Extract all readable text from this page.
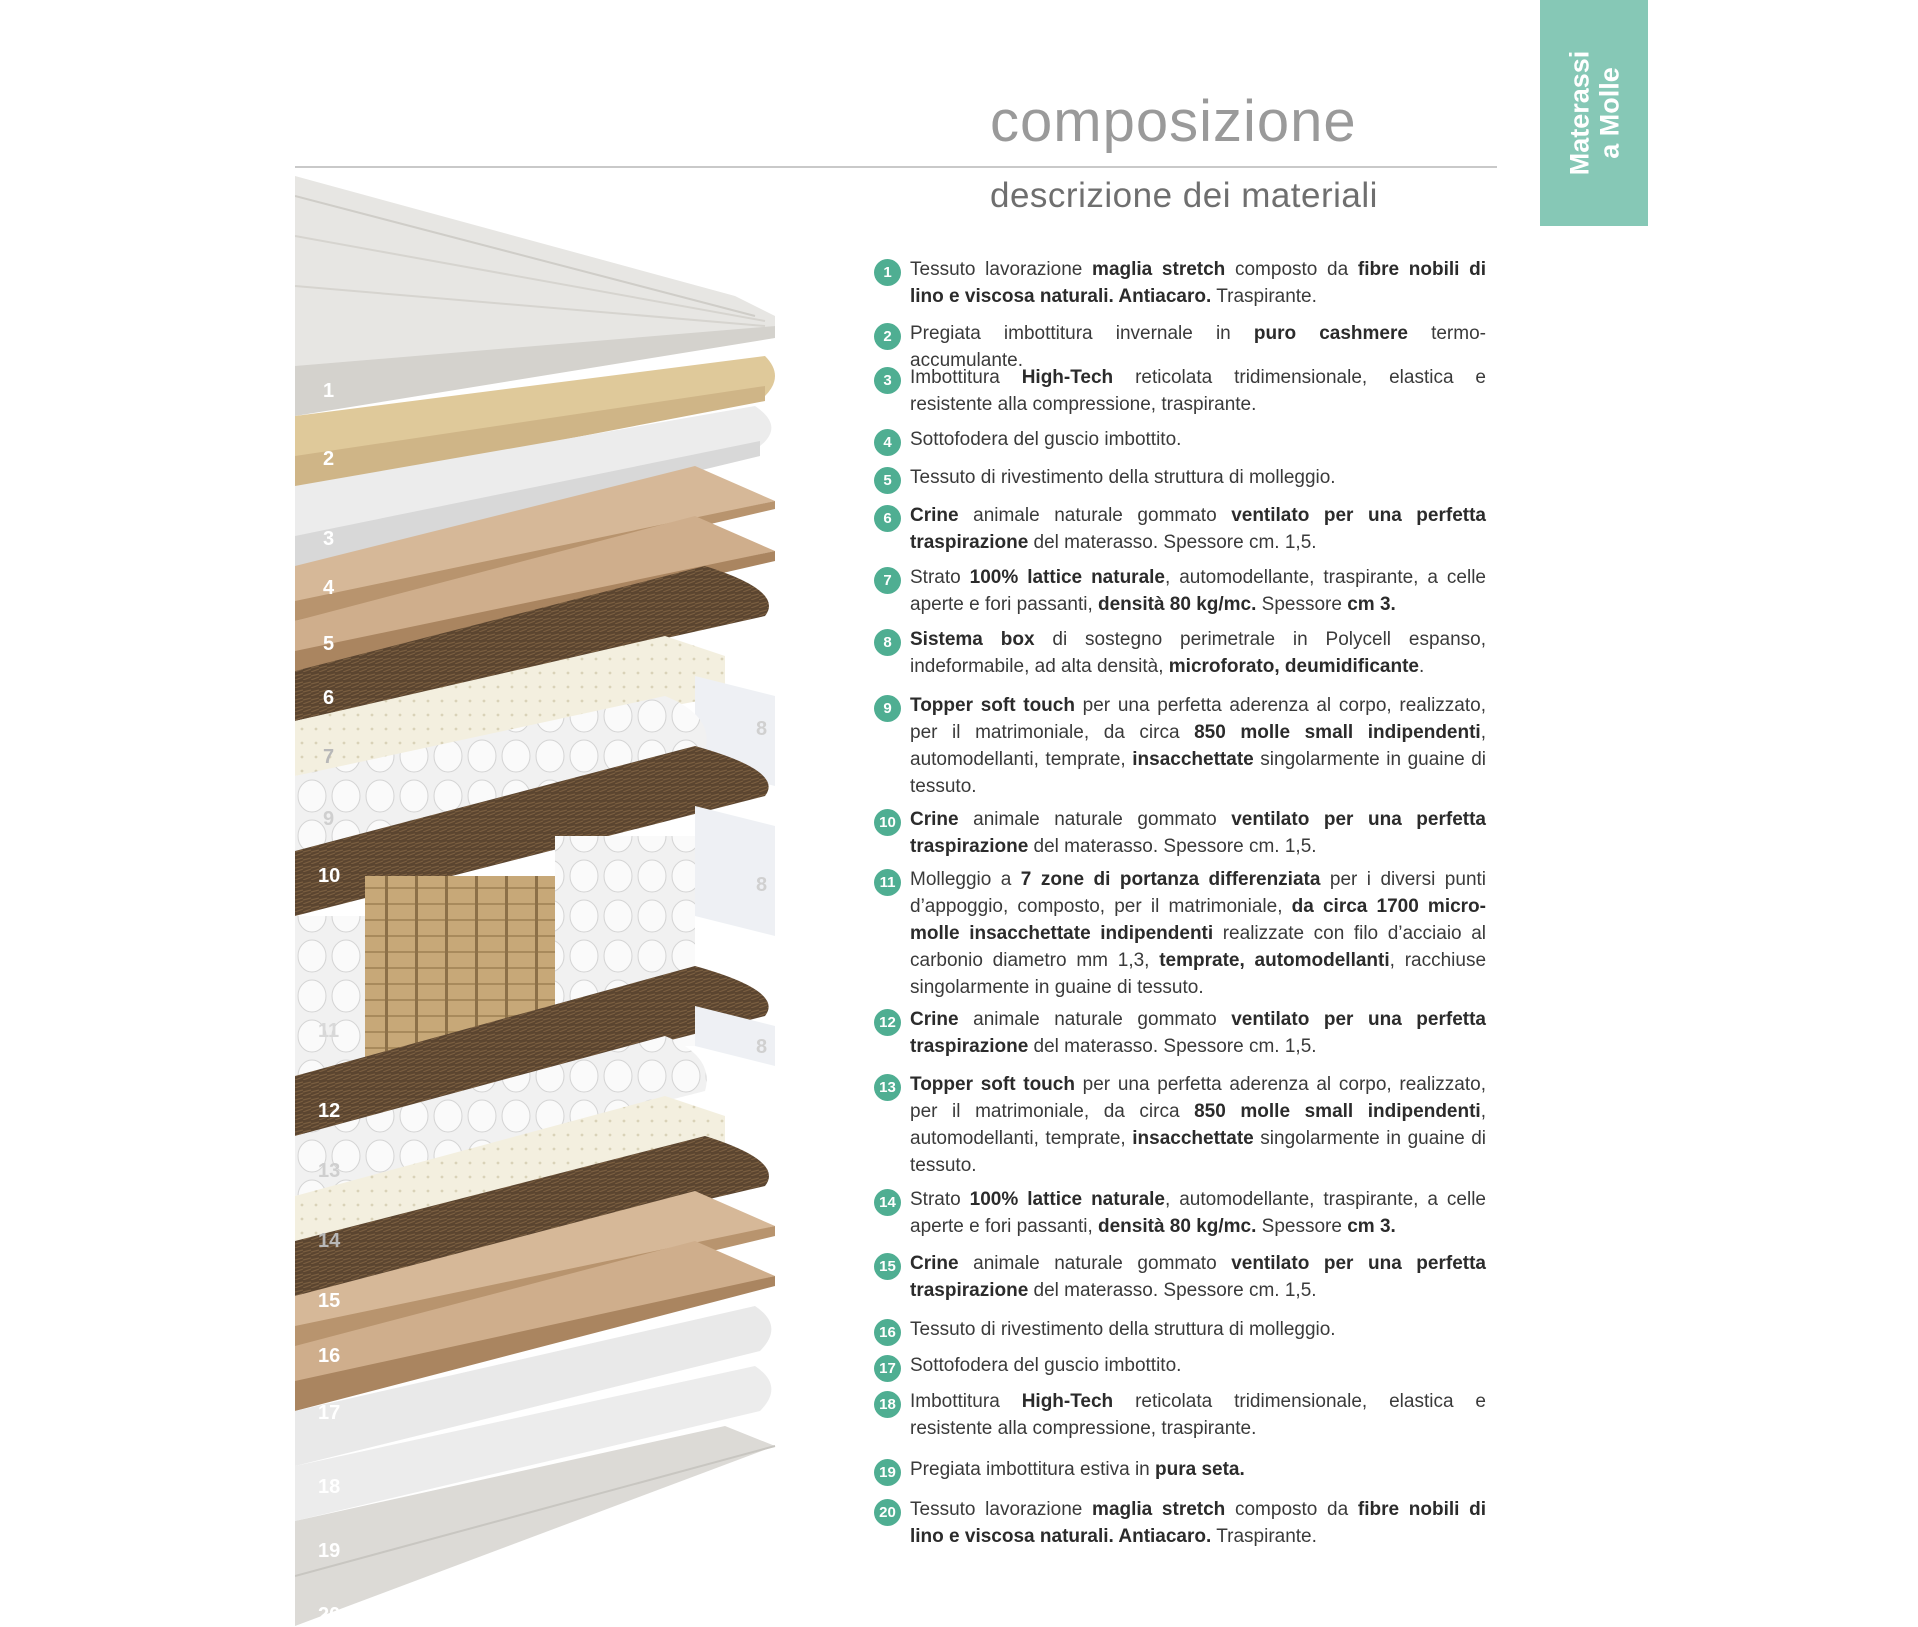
Materassi a Molle
composizione
descrizione dei materiali
1
2
3
4
5
6
7
9
10
11
12
13
14
15
16
17
18
19
20
8
8
8
1 Tessuto lavorazione maglia stretch composto da fibre nobili di lino e viscosa naturali. Antiacaro. Traspirante.
2 Pregiata imbottitura invernale in puro cashmere termo-accumulante.
3 Imbottitura High-Tech reticolata tridimensionale, elastica e resistente alla compressione, traspirante.
4 Sottofodera del guscio imbottito.
5 Tessuto di rivestimento della struttura di molleggio.
6 Crine animale naturale gommato ventilato per una perfetta traspirazione del materasso. Spessore cm. 1,5.
7 Strato 100% lattice naturale, automodellante, traspirante, a celle aperte e fori passanti, densità 80 kg/mc. Spessore cm 3.
8 Sistema box di sostegno perimetrale in Polycell espanso, indeformabile, ad alta densità, microforato, deumidificante.
9 Topper soft touch per una perfetta aderenza al corpo, realizzato, per il matrimoniale, da circa 850 molle small indipendenti, automodellanti, temprate, insacchettate singolarmente in guaine di tessuto.
10 Crine animale naturale gommato ventilato per una perfetta traspirazione del materasso. Spessore cm. 1,5.
11 Molleggio a 7 zone di portanza differenziata per i diversi punti d’appoggio, composto, per il matrimoniale, da circa 1700 micro-molle insacchettate indipendenti realizzate con filo d’acciaio al carbonio diametro mm 1,3, temprate, automodellanti, racchiuse singolarmente in guaine di tessuto.
12 Crine animale naturale gommato ventilato per una perfetta traspirazione del materasso. Spessore cm. 1,5.
13 Topper soft touch per una perfetta aderenza al corpo, realizzato, per il matrimoniale, da circa 850 molle small indipendenti, automodellanti, temprate, insacchettate singolarmente in guaine di tessuto.
14 Strato 100% lattice naturale, automodellante, traspirante, a celle aperte e fori passanti, densità 80 kg/mc. Spessore cm 3.
15 Crine animale naturale gommato ventilato per una perfetta traspirazione del materasso. Spessore cm. 1,5.
16 Tessuto di rivestimento della struttura di molleggio.
17 Sottofodera del guscio imbottito.
18 Imbottitura High-Tech reticolata tridimensionale, elastica e resistente alla compressione, traspirante.
19 Pregiata imbottitura estiva in pura seta.
20 Tessuto lavorazione maglia stretch composto da fibre nobili di lino e viscosa naturali. Antiacaro. Traspirante.
